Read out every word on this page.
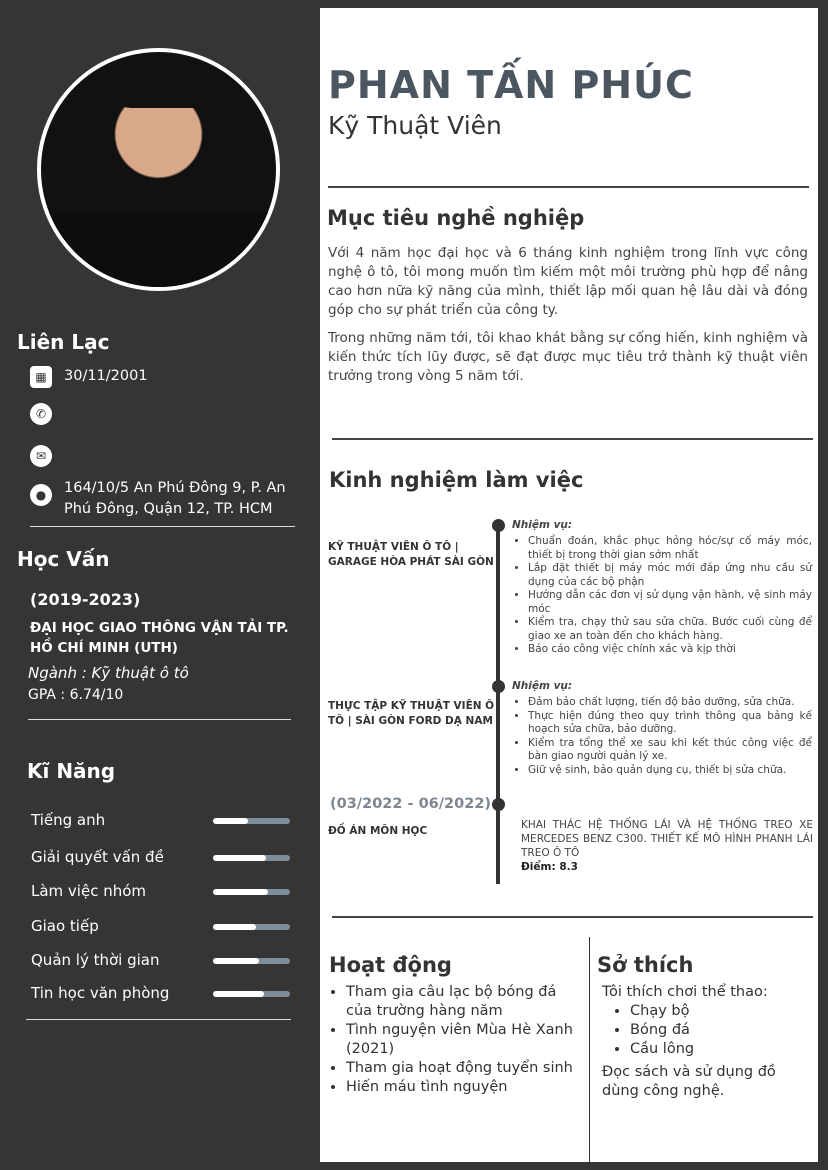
Liên Lạc
▦	30/11/2001
✆
✉
●	164/10/5 An Phú Đông 9, P. An Phú Đông, Quận 12, TP. HCM
Học Vấn
(2019-2023)
ĐẠI HỌC GIAO THÔNG VẬN TẢI TP. HỒ CHÍ MINH (UTH)
Ngành : Kỹ thuật ô tô
GPA : 6.74/10
Kĩ Năng
Tiếng anh
Giải quyết vấn đề
Làm việc nhóm
Giao tiếp
Quản lý thời gian
Tin học văn phòng
PHAN TẤN PHÚC
Kỹ Thuật Viên
Mục tiêu nghề nghiệp
Với 4 năm học đại học và 6 tháng kinh nghiệm trong lĩnh vực công nghệ ô tô, tôi mong muốn tìm kiếm một môi trường phù hợp để nâng cao hơn nữa kỹ năng của mình, thiết lập mối quan hệ lâu dài và đóng góp cho sự phát triển của công ty.
Trong những năm tới, tôi khao khát bằng sự cống hiến, kinh nghiệm và kiến thức tích lũy được, sẽ đạt được mục tiêu trở thành kỹ thuật viên trưởng trong vòng 5 năm tới.
Kinh nghiệm làm việc
KỸ THUẬT VIÊN Ô TÔ | GARAGE HÒA PHÁT SÀI GÒN
Nhiệm vụ:
• Chuẩn đoán, khắc phục hỏng hóc/sự cố máy móc, thiết bị trong thời gian sớm nhất
• Lắp đặt thiết bị máy móc mới đáp ứng nhu cầu sử dụng của các bộ phận
• Hướng dẫn các đơn vị sử dụng vận hành, vệ sinh máy móc
• Kiểm tra, chạy thử sau sửa chữa. Bước cuối cùng để giao xe an toàn đến cho khách hàng.
• Báo cáo công việc chính xác và kịp thời
THỰC TẬP KỸ THUẬT VIÊN Ô TÔ | SÀI GÒN FORD DẠ NAM
Nhiệm vụ:
• Đảm bảo chất lượng, tiến độ bảo dưỡng, sửa chữa.
• Thực hiện đúng theo quy trình thông qua bảng kế hoạch sửa chữa, bảo dưỡng.
• Kiểm tra tổng thể xe sau khi kết thúc công việc để bàn giao người quản lý xe.
• Giữ vệ sinh, bảo quản dụng cụ, thiết bị sửa chữa.
(03/2022 - 06/2022)
ĐỒ ÁN MÔN HỌC	KHAI THÁC HỆ THỐNG LÁI VÀ HỆ THỐNG TREO XE MERCEDES BENZ C300. THIẾT KẾ MÔ HÌNH PHANH LÁI TREO Ô TÔ
Điểm: 8.3
Hoạt động
• Tham gia câu lạc bộ bóng đá của trường hàng năm
• Tình nguyện viên Mùa Hè Xanh (2021)
• Tham gia hoạt động tuyển sinh
• Hiến máu tình nguyện
Sở thích
Tôi thích chơi thể thao:
• Chạy bộ
• Bóng đá
• Cầu lông
Đọc sách và sử dụng đồ dùng công nghệ.
